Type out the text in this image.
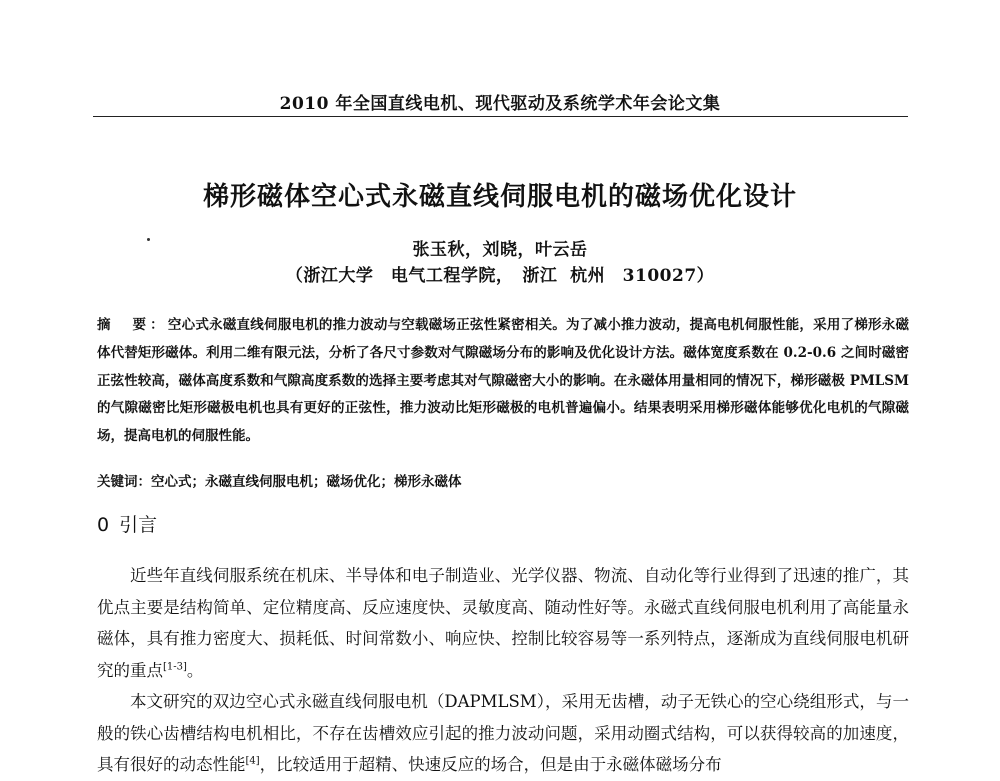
2010 年全国直线电机、现代驱动及系统学术年会论文集
梯形磁体空心式永磁直线伺服电机的磁场优化设计
张玉秋，刘晓，叶云岳
（浙江大学　电气工程学院，　浙江  杭州　310027）
摘　要：空心式永磁直线伺服电机的推力波动与空载磁场正弦性紧密相关。为了减小推力波动，提高电机伺服性能，采用了梯形永磁体代替矩形磁体。利用二维有限元法，分析了各尺寸参数对气隙磁场分布的影响及优化设计方法。磁体宽度系数在 0.2-0.6 之间时磁密正弦性较高，磁体高度系数和气隙高度系数的选择主要考虑其对气隙磁密大小的影响。在永磁体用量相同的情况下，梯形磁极 PMLSM 的气隙磁密比矩形磁极电机也具有更好的正弦性，推力波动比矩形磁极的电机普遍偏小。结果表明采用梯形磁体能够优化电机的气隙磁场，提高电机的伺服性能。
关键词：空心式；永磁直线伺服电机；磁场优化；梯形永磁体
0 引言

近些年直线伺服系统在机床、半导体和电子制造业、光学仪器、物流、自动化等行业得到了迅速的推广，其优点主要是结构简单、定位精度高、反应速度快、灵敏度高、随动性好等。永磁式直线伺服电机利用了高能量永磁体，具有推力密度大、损耗低、时间常数小、响应快、控制比较容易等一系列特点，逐渐成为直线伺服电机研究的重点[1-3]。

本文研究的双边空心式永磁直线伺服电机（DAPMLSM），采用无齿槽，动子无铁心的空心绕组形式，与一般的铁心齿槽结构电机相比，不存在齿槽效应引起的推力波动问题，采用动圈式结构，可以获得较高的加速度，具有很好的动态性能[4]，比较适用于超精、快速反应的场合，但是由于永磁体磁场分布
